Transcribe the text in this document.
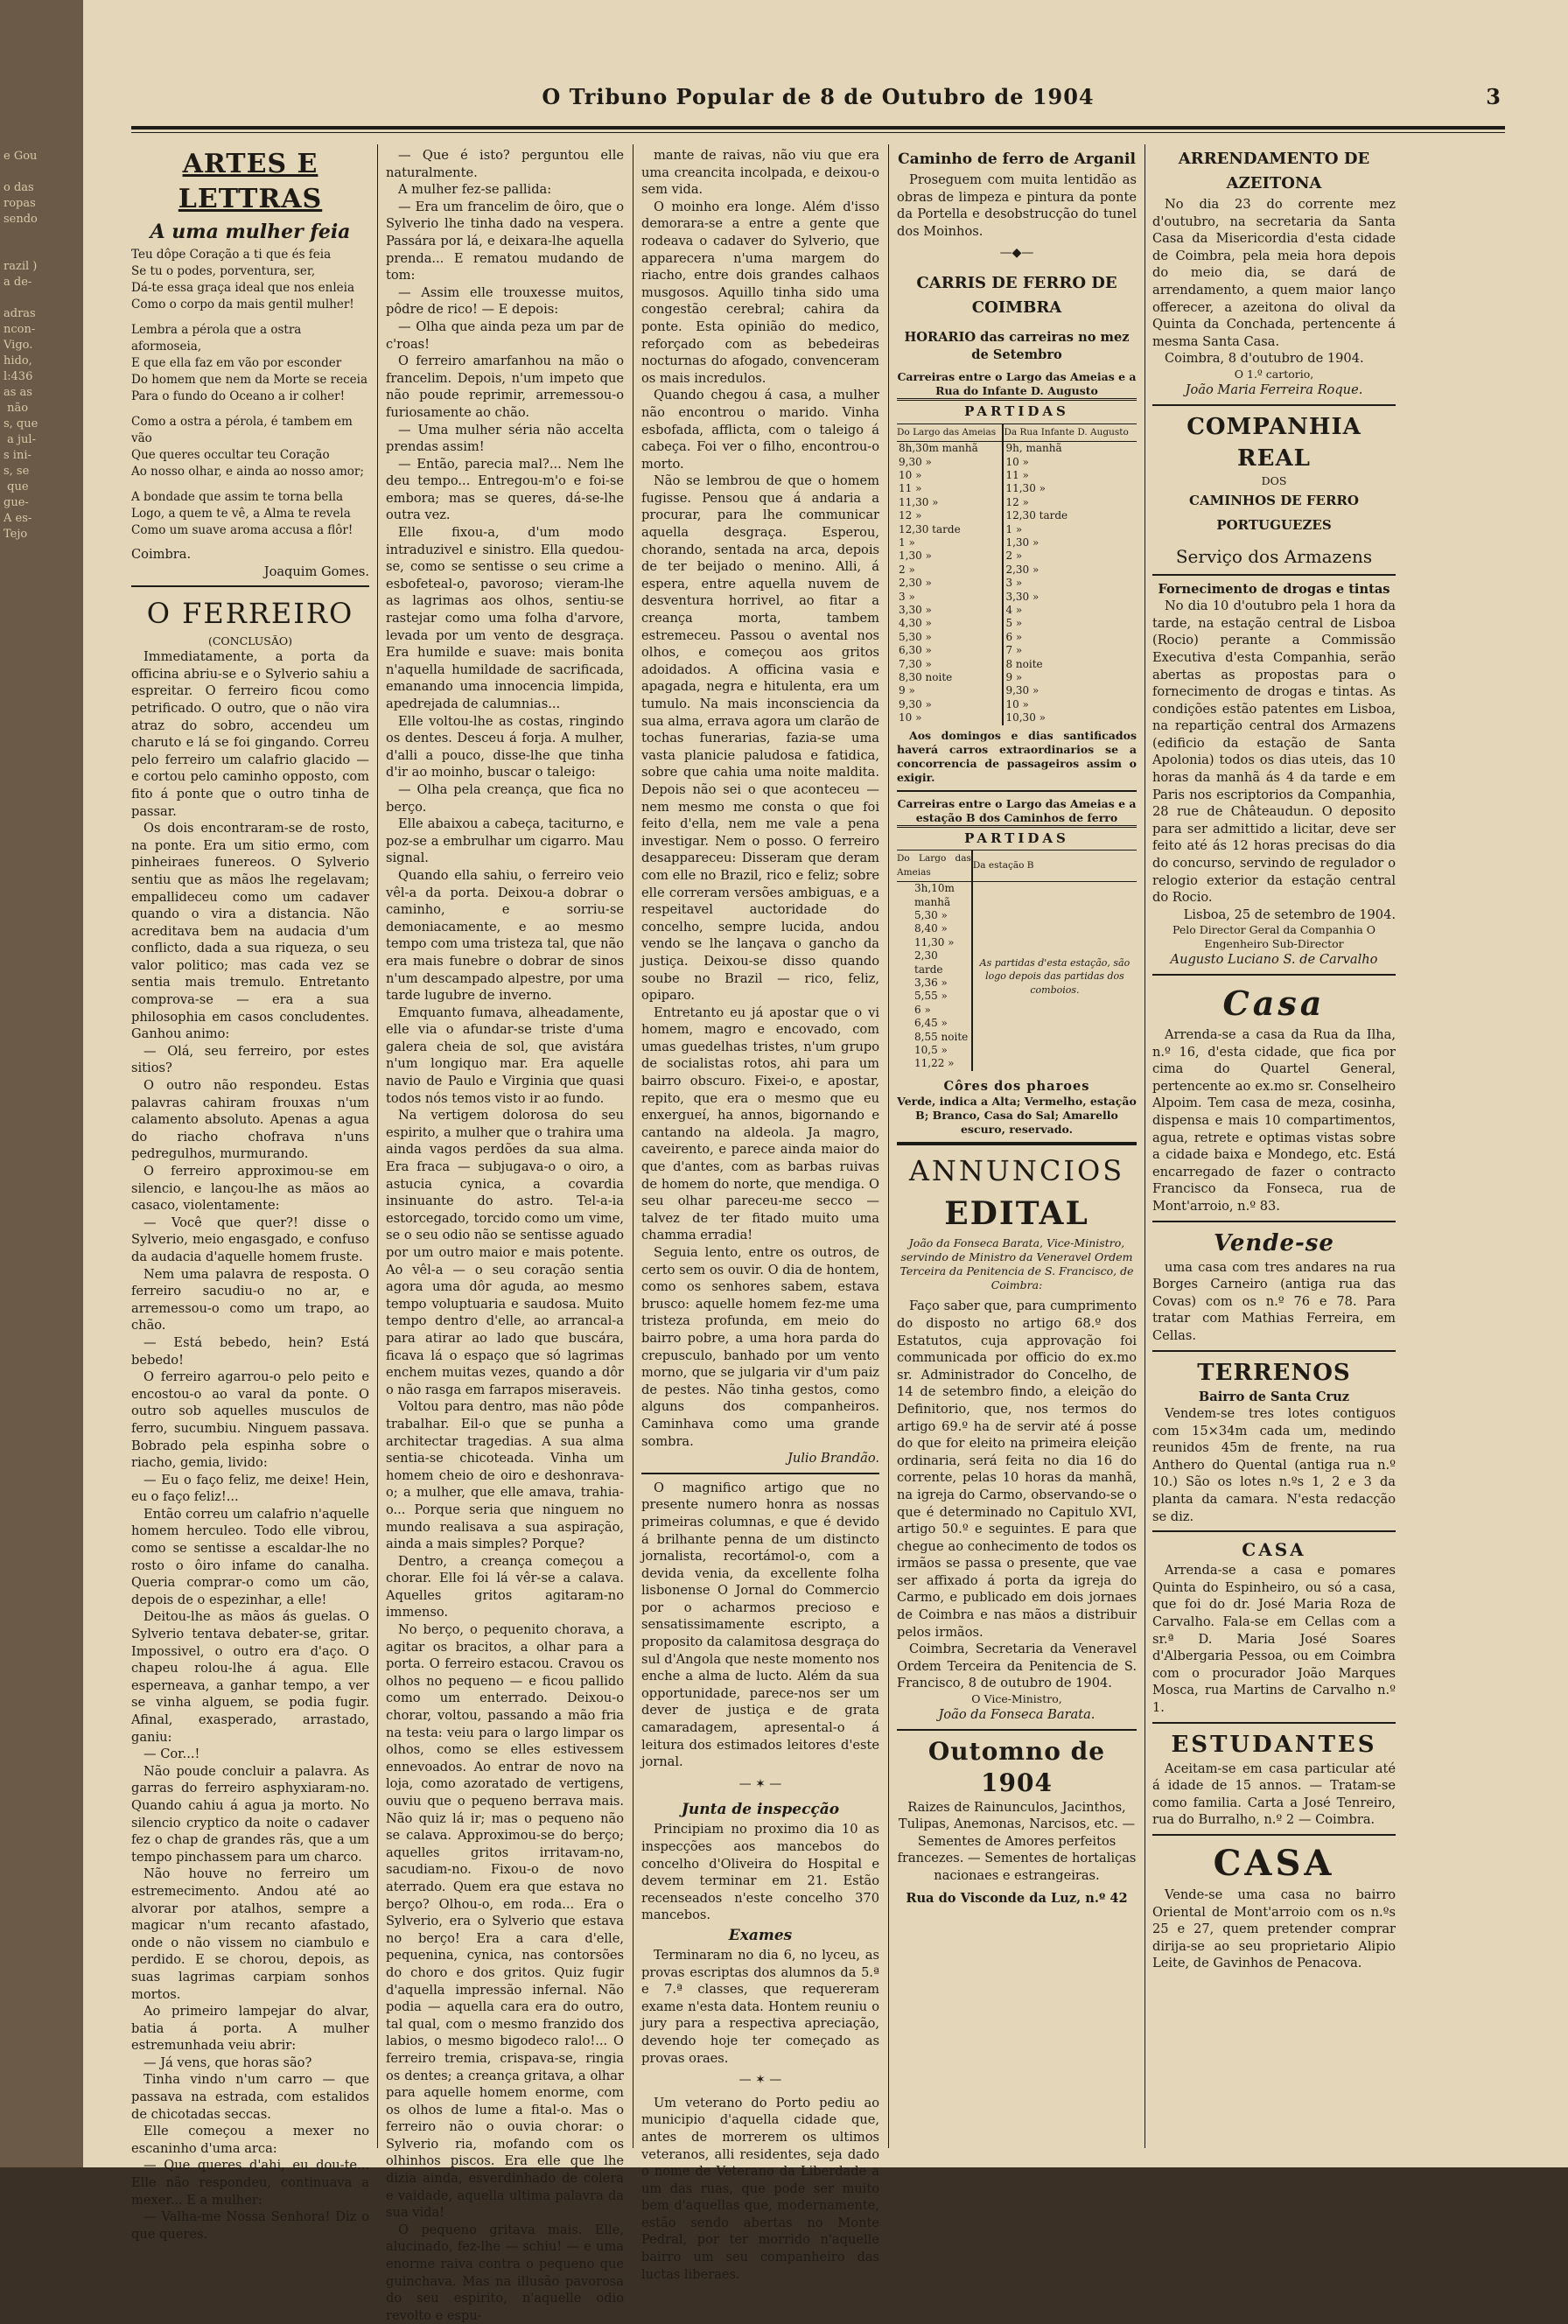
e Gou

o das
ropas
sendo

razil )
a de-

adras
ncon-
Vigo.
hido,
l:436
as as
não
s, que
a jul-
s ini-
s, se
que
gue-
A es-
Tejo
O Tribuno Popular de 8 de Outubro de 1904	3
ARTES E LETTRAS
A uma mulher feia

Teu dôpe Coração a ti que és feia

Se tu o podes, porventura, ser,

Dá-te essa graça ideal que nos enleia

Como o corpo da mais gentil mulher!

Lembra a pérola que a ostra aformoseia,

E que ella faz em vão por esconder

Do homem que nem da Morte se receia

Para o fundo do Oceano a ir colher!

Como a ostra a pérola, é tambem em vão

Que queres occultar teu Coração

Ao nosso olhar, e ainda ao nosso amor;

A bondade que assim te torna bella

Logo, a quem te vê, a Alma te revela

Como um suave aroma accusa a flôr!

Coimbra.

Joaquim Gomes.

O FERREIRO

(CONCLUSÃO)

Immediatamente, a porta da officina abriu-se e o Sylverio sahiu a espreitar. O ferreiro ficou como petrificado. O outro, que o não vira atraz do sobro, accendeu um charuto e lá se foi gingando. Correu pelo ferreiro um calafrio glacido — e cortou pelo caminho opposto, com fito á ponte que o outro tinha de passar.

Os dois encontraram-se de rosto, na ponte. Era um sitio ermo, com pinheiraes funereos. O Sylverio sentiu que as mãos lhe regelavam; empallideceu como um cadaver quando o vira a distancia. Não acreditava bem na audacia d'um conflicto, dada a sua riqueza, o seu valor politico; mas cada vez se sentia mais tremulo. Entretanto comprova-se — era a sua philosophia em casos concludentes. Ganhou animo:

— Olá, seu ferreiro, por estes sitios?

O outro não respondeu. Estas palavras cahiram frouxas n'um calamento absoluto. Apenas a agua do riacho chofrava n'uns pedregulhos, murmurando.

O ferreiro approximou-se em silencio, e lançou-lhe as mãos ao casaco, violentamente:

— Você que quer?! disse o Sylverio, meio engasgado, e confuso da audacia d'aquelle homem fruste.

Nem uma palavra de resposta. O ferreiro sacudiu-o no ar, e arremessou-o como um trapo, ao chão.

— Está bebedo, hein? Está bebedo!

O ferreiro agarrou-o pelo peito e encostou-o ao varal da ponte. O outro sob aquelles musculos de ferro, sucumbiu. Ninguem passava. Bobrado pela espinha sobre o riacho, gemia, livido:

— Eu o faço feliz, me deixe! Hein, eu o faço feliz!...

Então correu um calafrio n'aquelle homem herculeo. Todo elle vibrou, como se sentisse a escaldar-lhe no rosto o ôiro infame do canalha. Queria comprar-o como um cão, depois de o espezinhar, a elle!

Deitou-lhe as mãos ás guelas. O Sylverio tentava debater-se, gritar. Impossivel, o outro era d'aço. O chapeu rolou-lhe á agua. Elle esperneava, a ganhar tempo, a ver se vinha alguem, se podia fugir. Afinal, exasperado, arrastado, ganiu:

— Cor...!

Não poude concluir a palavra. As garras do ferreiro asphyxiaram-no. Quando cahiu á agua ja morto. No silencio cryptico da noite o cadaver fez o chap de grandes rãs, que a um tempo pinchassem para um charco.

Não houve no ferreiro um estremecimento. Andou até ao alvorar por atalhos, sempre a magicar n'um recanto afastado, onde o não vissem no ciambulo e perdido. E se chorou, depois, as suas lagrimas carpiam sonhos mortos.

Ao primeiro lampejar do alvar, batia á porta. A mulher estremunhada veiu abrir:

— Já vens, que horas são?

Tinha vindo n'um carro — que passava na estrada, com estalidos de chicotadas seccas.

Elle começou a mexer no escaninho d'uma arca:

— Que queres d'ahi, eu dou-te... Elle não respondeu, continuava a mexer... E a mulher:

— Valha-me Nossa Senhora! Diz o que queres.

— Que é isto? perguntou elle naturalmente.

A mulher fez-se pallida:

— Era um francelim de ôiro, que o Sylverio lhe tinha dado na vespera. Passára por lá, e deixara-lhe aquella prenda... E rematou mudando de tom:

— Assim elle trouxesse muitos, pôdre de rico! — E depois:

— Olha que ainda peza um par de c'roas!

O ferreiro amarfanhou na mão o francelim. Depois, n'um impeto que não poude reprimir, arremessou-o furiosamente ao chão.

— Uma mulher séria não accelta prendas assim!

— Então, parecia mal?... Nem lhe deu tempo... Entregou-m'o e foi-se embora; mas se queres, dá-se-lhe outra vez.

Elle fixou-a, d'um modo intraduzivel e sinistro. Ella quedou-se, como se sentisse o seu crime a esbofeteal-o, pavoroso; vieram-lhe as lagrimas aos olhos, sentiu-se rastejar como uma folha d'arvore, levada por um vento de desgraça. Era humilde e suave: mais bonita n'aquella humildade de sacrificada, emanando uma innocencia limpida, apedrejada de calumnias...

Elle voltou-lhe as costas, ringindo os dentes. Desceu á forja. A mulher, d'alli a pouco, disse-lhe que tinha d'ir ao moinho, buscar o taleigo:

— Olha pela creança, que fica no berço.

Elle abaixou a cabeça, taciturno, e poz-se a embrulhar um cigarro. Mau signal.

Quando ella sahiu, o ferreiro veio vêl-a da porta. Deixou-a dobrar o caminho, e sorriu-se demoniacamente, e ao mesmo tempo com uma tristeza tal, que não era mais funebre o dobrar de sinos n'um descampado alpestre, por uma tarde lugubre de inverno.

Emquanto fumava, alheadamente, elle via o afundar-se triste d'uma galera cheia de sol, que avistára n'um longiquo mar. Era aquelle navio de Paulo e Virginia que quasi todos nós temos visto ir ao fundo.

Na vertigem dolorosa do seu espirito, a mulher que o trahira uma ainda vagos perdões da sua alma. Era fraca — subjugava-o o oiro, a astucia cynica, a covardia insinuante do astro. Tel-a-ia estorcegado, torcido como um vime, se o seu odio não se sentisse aguado por um outro maior e mais potente. Ao vêl-a — o seu coração sentia agora uma dôr aguda, ao mesmo tempo voluptuaria e saudosa. Muito tempo dentro d'elle, ao arrancal-a para atirar ao lado que buscára, ficava lá o espaço que só lagrimas enchem muitas vezes, quando a dôr o não rasga em farrapos miseraveis.

Voltou para dentro, mas não pôde trabalhar. Eil-o que se punha a architectar tragedias. A sua alma sentia-se chicoteada. Vinha um homem cheio de oiro e deshonrava-o; a mulher, que elle amava, trahia-o... Porque seria que ninguem no mundo realisava a sua aspiração, ainda a mais simples? Porque?

Dentro, a creança começou a chorar. Elle foi lá vêr-se a calava. Aquelles gritos agitaram-no immenso.

No berço, o pequenito chorava, a agitar os bracitos, a olhar para a porta. O ferreiro estacou. Cravou os olhos no pequeno — e ficou pallido como um enterrado. Deixou-o chorar, voltou, passando a mão fria na testa: veiu para o largo limpar os olhos, como se elles estivessem ennevoados. Ao entrar de novo na loja, como azoratado de vertigens, ouviu que o pequeno berrava mais. Não quiz lá ir; mas o pequeno não se calava. Approximou-se do berço; aquelles gritos irritavam-no, sacudiam-no. Fixou-o de novo aterrado. Quem era que estava no berço? Olhou-o, em roda... Era o Sylverio, era o Sylverio que estava no berço! Era a cara d'elle, pequenina, cynica, nas contorsões do choro e dos gritos. Quiz fugir d'aquella impressão infernal. Não podia — aquella cara era do outro, tal qual, com o mesmo franzido dos labios, o mesmo bigodeco ralo!... O ferreiro tremia, crispava-se, ringia os dentes; a creança gritava, a olhar para aquelle homem enorme, com os olhos de lume a fital-o. Mas o ferreiro não o ouvia chorar: o Sylverio ria, mofando com os olhinhos piscos. Era elle que lhe dizia ainda, esverdinhado de colera e vaidade, aquella ultima palavra da sua vida!

O pequeno gritava mais. Elle, alucinado, fez-lhe — schiu! — e uma enorme raiva contra o pequeno que guinchava. Mas na illusão pavorosa do seu espirito, n'aquelle odio revolto e espu-

mante de raivas, não viu que era uma creancita incolpada, e deixou-o sem vida.

O moinho era longe. Além d'isso demorara-se a entre a gente que rodeava o cadaver do Sylverio, que apparecera n'uma margem do riacho, entre dois grandes calhaos musgosos. Aquillo tinha sido uma congestão cerebral; cahira da ponte. Esta opinião do medico, reforçado com as bebedeiras nocturnas do afogado, convenceram os mais incredulos.

Quando chegou á casa, a mulher não encontrou o marido. Vinha esbofada, afflicta, com o taleigo á cabeça. Foi ver o filho, encontrou-o morto.

Não se lembrou de que o homem fugisse. Pensou que á andaria a procurar, para lhe communicar aquella desgraça. Esperou, chorando, sentada na arca, depois de ter beijado o menino. Alli, á espera, entre aquella nuvem de desventura horrivel, ao fitar a creança morta, tambem estremeceu. Passou o avental nos olhos, e começou aos gritos adoidados. A officina vasia e apagada, negra e hitulenta, era um tumulo. Na mais inconsciencia da sua alma, errava agora um clarão de tochas funerarias, fazia-se uma vasta planicie paludosa e fatidica, sobre que cahia uma noite maldita. Depois não sei o que aconteceu — nem mesmo me consta o que foi feito d'ella, nem me vale a pena investigar. Nem o posso. O ferreiro desappareceu: Disseram que deram com elle no Brazil, rico e feliz; sobre elle correram versões ambiguas, e a respeitavel auctoridade do concelho, sempre lucida, andou vendo se lhe lançava o gancho da justiça. Deixou-se disso quando soube no Brazil — rico, feliz, opiparo.

Entretanto eu já apostar que o vi homem, magro e encovado, com umas guedelhas tristes, n'um grupo de socialistas rotos, ahi para um bairro obscuro. Fixei-o, e apostar, repito, que era o mesmo que eu enxergueí, ha annos, bigornando e cantando na aldeola. Ja magro, caveirento, e parece ainda maior do que d'antes, com as barbas ruivas de homem do norte, que mendiga. O seu olhar pareceu-me secco — talvez de ter fitado muito uma chamma erradia!

Seguia lento, entre os outros, de certo sem os ouvir. O dia de hontem, como os senhores sabem, estava brusco: aquelle homem fez-me uma tristeza profunda, em meio do bairro pobre, a uma hora parda do crepusculo, banhado por um vento morno, que se julgaria vir d'um paiz de pestes. Não tinha gestos, como alguns dos companheiros. Caminhava como uma grande sombra.

Julio Brandão.

O magnifico artigo que no presente numero honra as nossas primeiras columnas, e que é devido á brilhante penna de um distincto jornalista, recortámol-o, com a devida venia, da excellente folha lisbonense O Jornal do Commercio por o acharmos precioso e sensatissimamente escripto, a proposito da calamitosa desgraça do sul d'Angola que neste momento nos enche a alma de lucto. Além da sua opportunidade, parece-nos ser um dever de justiça e de grata camaradagem, apresental-o á leitura dos estimados leitores d'este jornal.

— ✶ —
Junta de inspecção

Principiam no proximo dia 10 as inspecções aos mancebos do concelho d'Oliveira do Hospital e devem terminar em 21. Estão recenseados n'este concelho 370 mancebos.

Exames

Terminaram no dia 6, no lyceu, as provas escriptas dos alumnos da 5.ª e 7.ª classes, que requereram exame n'esta data. Hontem reuniu o jury para a respectiva apreciação, devendo hoje ter começado as provas oraes.

— ✶ —

Um veterano do Porto pediu ao municipio d'aquella cidade que, antes de morrerem os ultimos veteranos, alli residentes, seja dado o nome de Veterano da Liberdade a um das ruas, que pode ser muito bem d'aquellas que, modernamente, estão sendo abertas no Monte Pedral, por ter morrido n'aquelle bairro um seu companheiro das luctas liberaes.

Caminho de ferro de Arganil

Proseguem com muita lentidão as obras de limpeza e pintura da ponte da Portella e desobstrucção do tunel dos Moinhos.

—◆—
CARRIS DE FERRO DE COIMBRA

HORARIO das carreiras no mez de Setembro

Carreiras entre o Largo das Ameias e a Rua do Infante D. Augusto

PARTIDAS

Do Largo das Ameias	Da Rua Infante D. Augusto
8h,30m manhã	9h, manhã
9,30 »	10 »
10 »	11 »
11 »	11,30 »
11,30 »	12 »
12 »	12,30 tarde
12,30 tarde	1 »
1 »	1,30 »
1,30 »	2 »
2 »	2,30 »
2,30 »	3 »
3 »	3,30 »
3,30 »	4 »
4,30 »	5 »
5,30 »	6 »
6,30 »	7 »
7,30 »	8 noite
8,30 noite	9 »
9 »	9,30 »
9,30 »	10 »
10 »	10,30 »

Aos domingos e dias santificados haverá carros extraordinarios se a concorrencia de passageiros assim o exigir.

Carreiras entre o Largo das Ameias e a estação B dos Caminhos de ferro

PARTIDAS

Do Largo das Ameias	Da estação B
3h,10m manhã	As partidas d'esta estação, são logo depois das partidas dos comboios.
5,30 »	
8,40 »	
11,30 »	
2,30 tarde	
3,36 »	
5,55 »	
6 »	
6,45 »	
8,55 noite	
10,5 »	
11,22 »	

Côres dos pharoes

Verde, indica a Alta; Vermelho, estação B; Branco, Casa do Sal; Amarello escuro, reservado.

ANNUNCIOS
EDITAL

João da Fonseca Barata, Vice-Ministro, servindo de Ministro da Veneravel Ordem Terceira da Penitencia de S. Francisco, de Coimbra:

Faço saber que, para cumprimento do disposto no artigo 68.º dos Estatutos, cuja approvação foi communicada por officio do ex.mo sr. Administrador do Concelho, de 14 de setembro findo, a eleição do Definitorio, que, nos termos do artigo 69.º ha de servir até á posse do que for eleito na primeira eleição ordinaria, será feita no dia 16 do corrente, pelas 10 horas da manhã, na igreja do Carmo, observando-se o que é determinado no Capitulo XVI, artigo 50.º e seguintes. E para que chegue ao conhecimento de todos os irmãos se passa o presente, que vae ser affixado á porta da igreja do Carmo, e publicado em dois jornaes de Coimbra e nas mãos a distribuir pelos irmãos.

Coimbra, Secretaria da Veneravel Ordem Terceira da Penitencia de S. Francisco, 8 de outubro de 1904.

O Vice-Ministro,

João da Fonseca Barata.

Outomno de 1904

Raizes de Rainunculos, Jacinthos, Tulipas, Anemonas, Narcisos, etc. — Sementes de Amores perfeitos francezes. — Sementes de hortaliças nacionaes e estrangeiras.

Rua do Visconde da Luz, n.º 42

ARRENDAMENTO DE AZEITONA

No dia 23 do corrente mez d'outubro, na secretaria da Santa Casa da Misericordia d'esta cidade de Coimbra, pela meia hora depois do meio dia, se dará de arrendamento, a quem maior lanço offerecer, a azeitona do olival da Quinta da Conchada, pertencente á mesma Santa Casa.

Coimbra, 8 d'outubro de 1904.

O 1.º cartorio,

João Maria Ferreira Roque.

COMPANHIA REAL

DOS

CAMINHOS DE FERRO PORTUGUEZES
Serviço dos Armazens

Fornecimento de drogas e tintas

No dia 10 d'outubro pela 1 hora da tarde, na estação central de Lisboa (Rocio) perante a Commissão Executiva d'esta Companhia, serão abertas as propostas para o fornecimento de drogas e tintas. As condições estão patentes em Lisboa, na repartição central dos Armazens (edificio da estação de Santa Apolonia) todos os dias uteis, das 10 horas da manhã ás 4 da tarde e em Paris nos escriptorios da Companhia, 28 rue de Châteaudun. O deposito para ser admittido a licitar, deve ser feito até ás 12 horas precisas do dia do concurso, servindo de regulador o relogio exterior da estação central do Rocio.

Lisboa, 25 de setembro de 1904.

Pelo Director Geral da Companhia O Engenheiro Sub-Director

Augusto Luciano S. de Carvalho

Casa

Arrenda-se a casa da Rua da Ilha, n.º 16, d'esta cidade, que fica por cima do Quartel General, pertencente ao ex.mo sr. Conselheiro Alpoim. Tem casa de meza, cosinha, dispensa e mais 10 compartimentos, agua, retrete e optimas vistas sobre a cidade baixa e Mondego, etc. Está encarregado de fazer o contracto Francisco da Fonseca, rua de Mont'arroio, n.º 83.

Vende-se

uma casa com tres andares na rua Borges Carneiro (antiga rua das Covas) com os n.º 76 e 78. Para tratar com Mathias Ferreira, em Cellas.

TERRENOS

Bairro de Santa Cruz

Vendem-se tres lotes contiguos com 15×34m cada um, medindo reunidos 45m de frente, na rua Anthero do Quental (antiga rua n.º 10.) São os lotes n.ºs 1, 2 e 3 da planta da camara. N'esta redacção se diz.

CASA

Arrenda-se a casa e pomares Quinta do Espinheiro, ou só a casa, que foi do dr. José Maria Roza de Carvalho. Fala-se em Cellas com a sr.ª D. Maria José Soares d'Albergaria Pessoa, ou em Coimbra com o procurador João Marques Mosca, rua Martins de Carvalho n.º 1.

ESTUDANTES

Aceitam-se em casa particular até á idade de 15 annos. — Tratam-se como familia. Carta a José Tenreiro, rua do Burralho, n.º 2 — Coimbra.

CASA

Vende-se uma casa no bairro Oriental de Mont'arroio com os n.ºs 25 e 27, quem pretender comprar dirija-se ao seu proprietario Alipio Leite, de Gavinhos de Penacova.
